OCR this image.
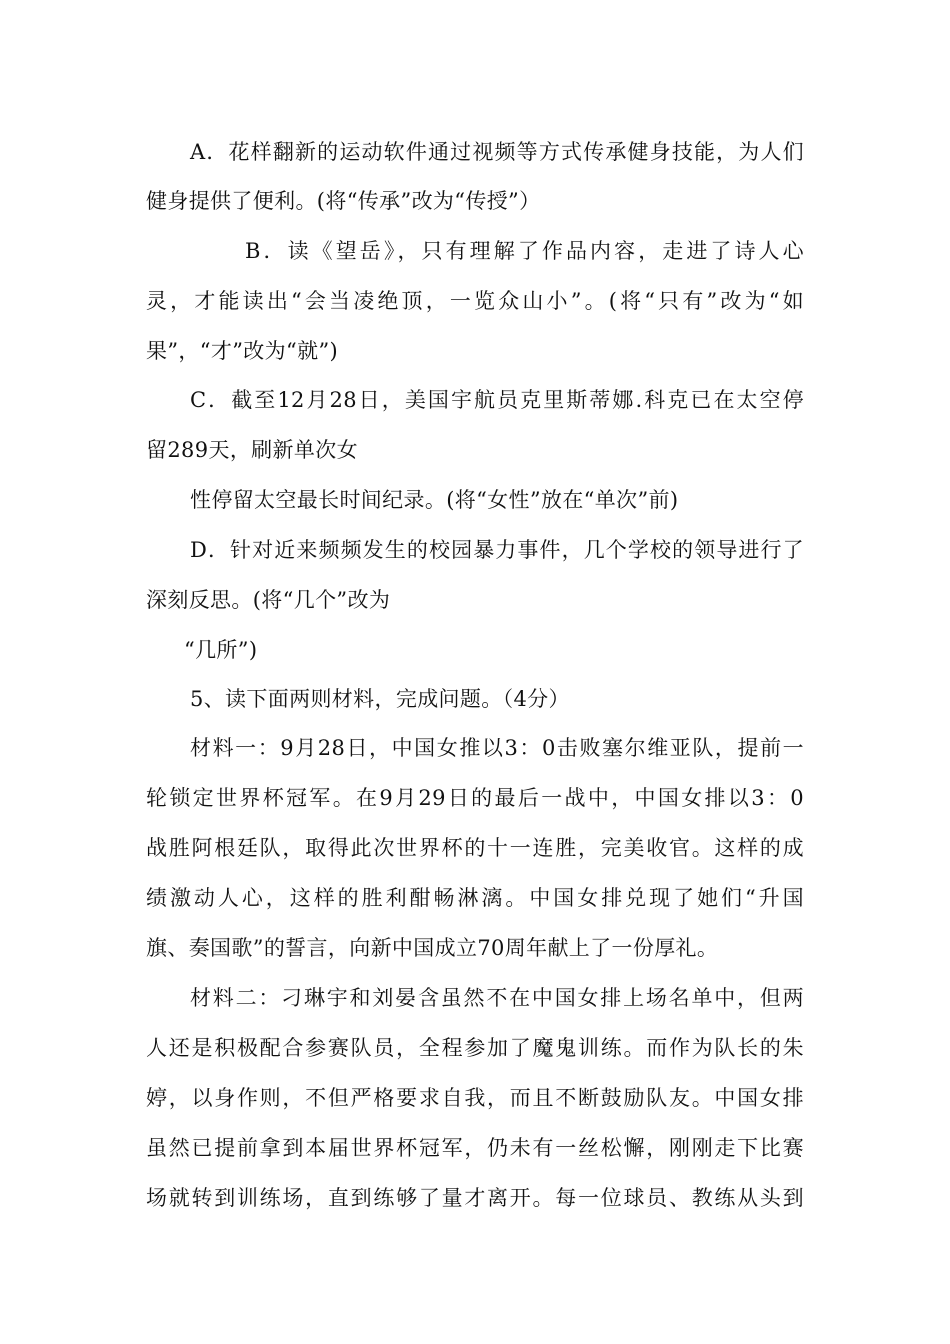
A．花样翻新的运动软件通过视频等方式传承健身技能，为人们
健身提供了便利。(将“传承”改为“传授”）
B．读《望岳》，只有理解了作品内容，走进了诗人心
灵，才能读出“会当凌绝顶，一览众山小”。(将“只有”改为“如
果”，“才”改为“就”)
C．截至12月28日，美国宇航员克里斯蒂娜.科克已在太空停
留289天，刷新单次女
性停留太空最长时间纪录。(将“女性”放在“单次”前)
D．针对近来频频发生的校园暴力事件，几个学校的领导进行了
深刻反思。(将“几个”改为
“几所”)
5、读下面两则材料，完成问题。（4分）
材料一：9月28日，中国女推以3：0击败塞尔维亚队，提前一
轮锁定世界杯冠军。在9月29日的最后一战中，中国女排以3：0
战胜阿根廷队，取得此次世界杯的十一连胜，完美收官。这样的成
绩激动人心，这样的胜利酣畅淋漓。中国女排兑现了她们“升国
旗、奏国歌”的誓言，向新中国成立70周年献上了一份厚礼。
材料二：刁琳宇和刘晏含虽然不在中国女排上场名单中，但两
人还是积极配合参赛队员，全程参加了魔鬼训练。而作为队长的朱
婷，以身作则，不但严格要求自我，而且不断鼓励队友。中国女排
虽然已提前拿到本届世界杯冠军，仍未有一丝松懈，刚刚走下比赛
场就转到训练场，直到练够了量才离开。每一位球员、教练从头到
